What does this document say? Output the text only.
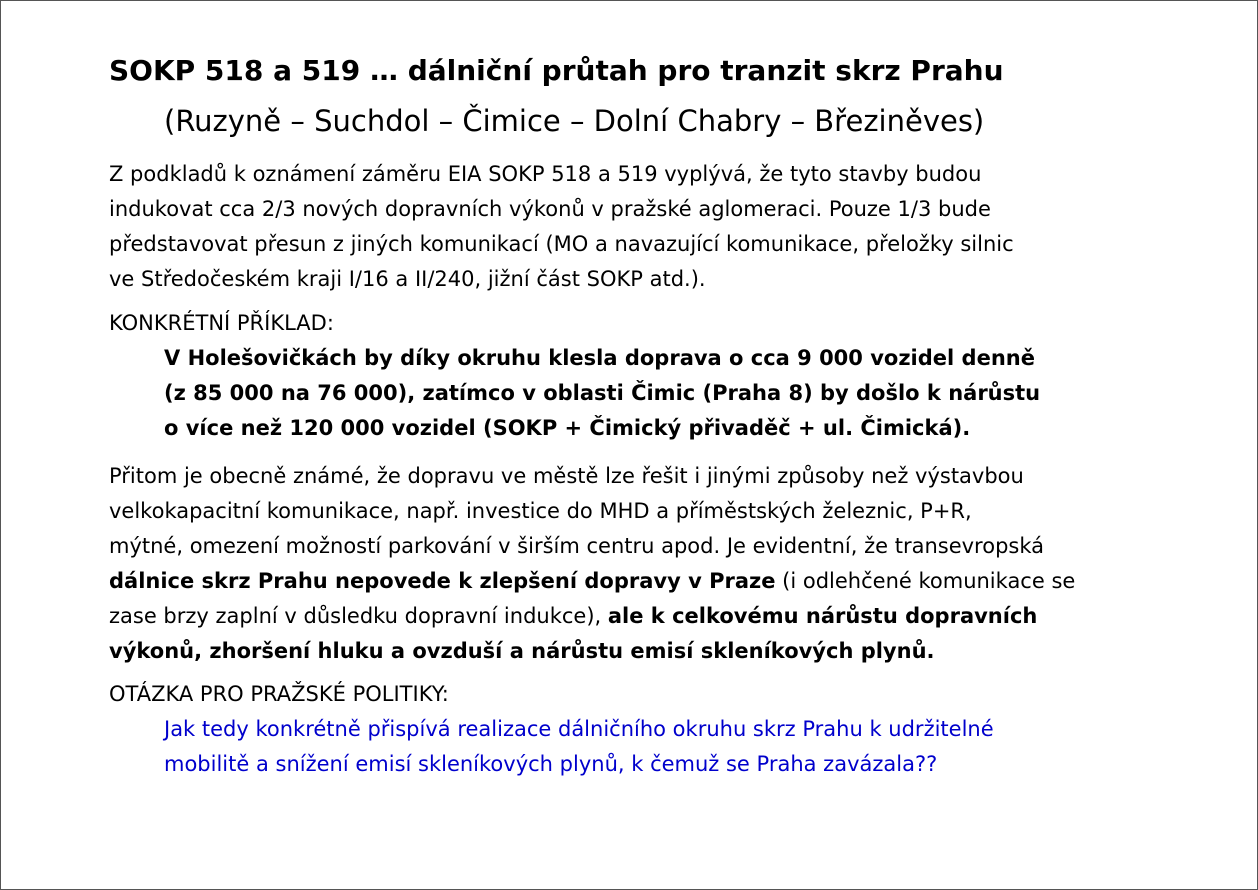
SOKP 518 a 519 … dálniční průtah pro tranzit skrz Prahu
(Ruzyně – Suchdol – Čimice – Dolní Chabry – Březiněves)

Z podkladů k oznámení záměru EIA SOKP 518 a 519 vyplývá, že tyto stavby budou
indukovat cca 2/3 nových dopravních výkonů v pražské aglomeraci. Pouze 1/3 bude
představovat přesun z jiných komunikací (MO a navazující komunikace, přeložky silnic
ve Středočeském kraji I/16 a II/240, jižní část SOKP atd.).

KONKRÉTNÍ PŘÍKLAD:

V Holešovičkách by díky okruhu klesla doprava o cca 9 000 vozidel denně
(z 85 000 na 76 000), zatímco v oblasti Čimic (Praha 8) by došlo k nárůstu
o více než 120 000 vozidel (SOKP + Čimický přivaděč + ul. Čimická).

Přitom je obecně známé, že dopravu ve městě lze řešit i jinými způsoby než výstavbou
velkokapacitní komunikace, např. investice do MHD a příměstských železnic, P+R,
mýtné, omezení možností parkování v širším centru apod. Je evidentní, že transevropská
dálnice skrz Prahu nepovede k zlepšení dopravy v Praze (i odlehčené komunikace se
zase brzy zaplní v důsledku dopravní indukce), ale k celkovému nárůstu dopravních
výkonů, zhoršení hluku a ovzduší a nárůstu emisí skleníkových plynů.

OTÁZKA PRO PRAŽSKÉ POLITIKY:

Jak tedy konkrétně přispívá realizace dálničního okruhu skrz Prahu k udržitelné
mobilitě a snížení emisí skleníkových plynů, k čemuž se Praha zavázala??
